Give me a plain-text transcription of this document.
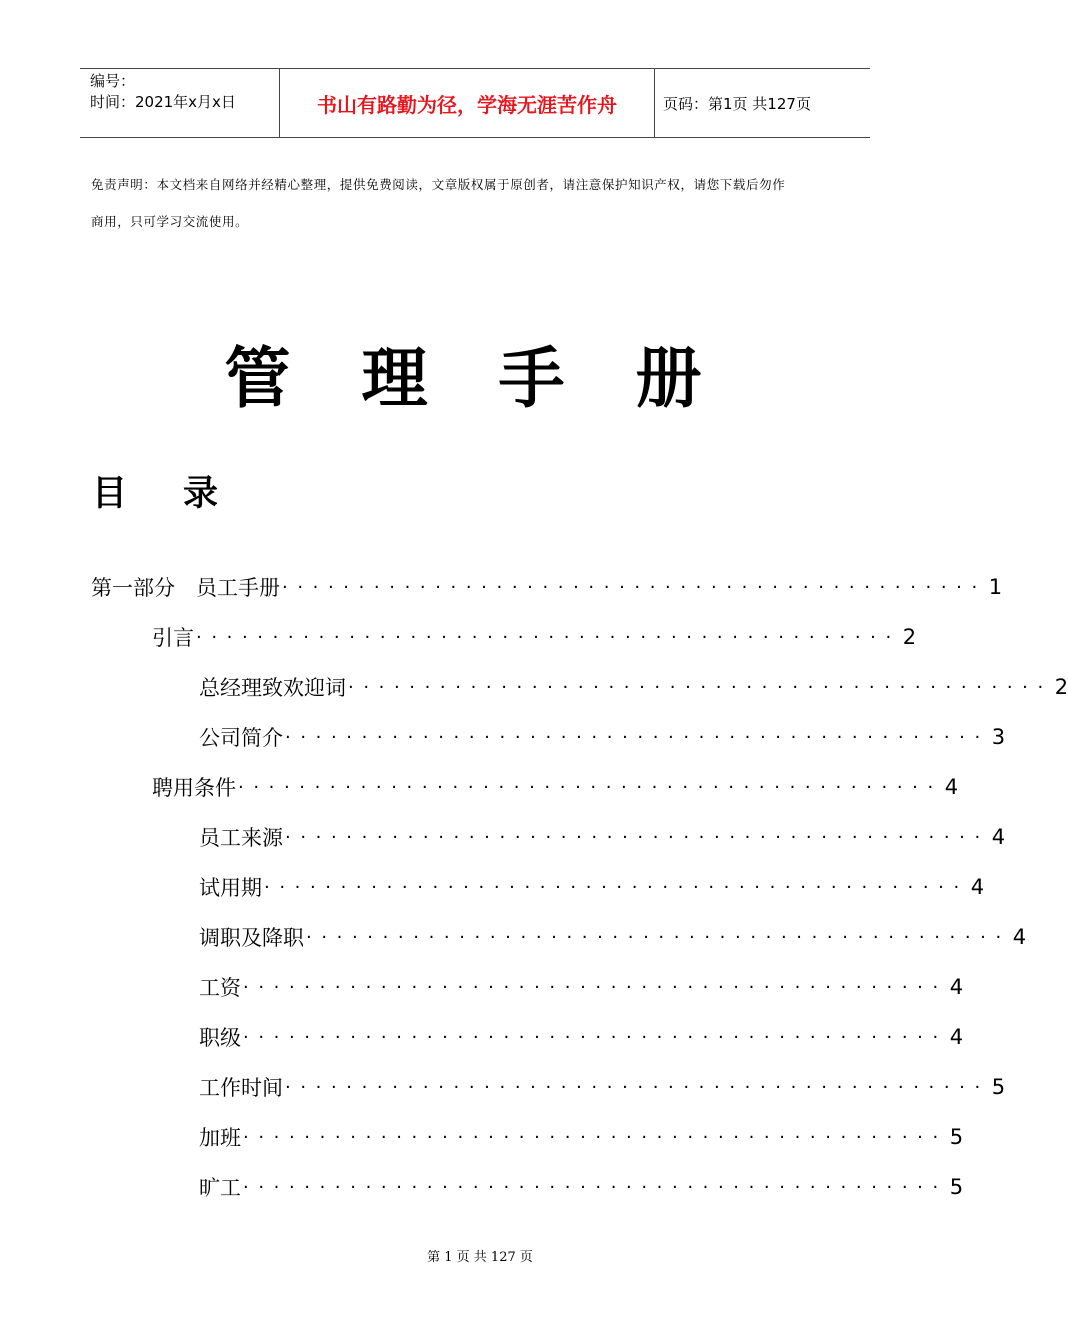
编号：
时间：2021年x月x日	书山有路勤为径，学海无涯苦作舟	页码：第1页 共127页
免责声明：本文档来自网络并经精心整理，提供免费阅读，文章版权属于原创者，请注意保护知识产权，请您下载后勿作
商用，只可学习交流使用。
管 理 手 册
目 录
第一部分　员工手册 ·············································· 1
引言 ·············································· 2
总经理致欢迎词 ·············································· 2
公司简介 ·············································· 3
聘用条件 ·············································· 4
员工来源 ·············································· 4
试用期 ·············································· 4
调职及降职 ·············································· 4
工资 ·············································· 4
职级 ·············································· 4
工作时间 ·············································· 5
加班 ·············································· 5
旷工 ·············································· 5
第 1 页 共 127 页
